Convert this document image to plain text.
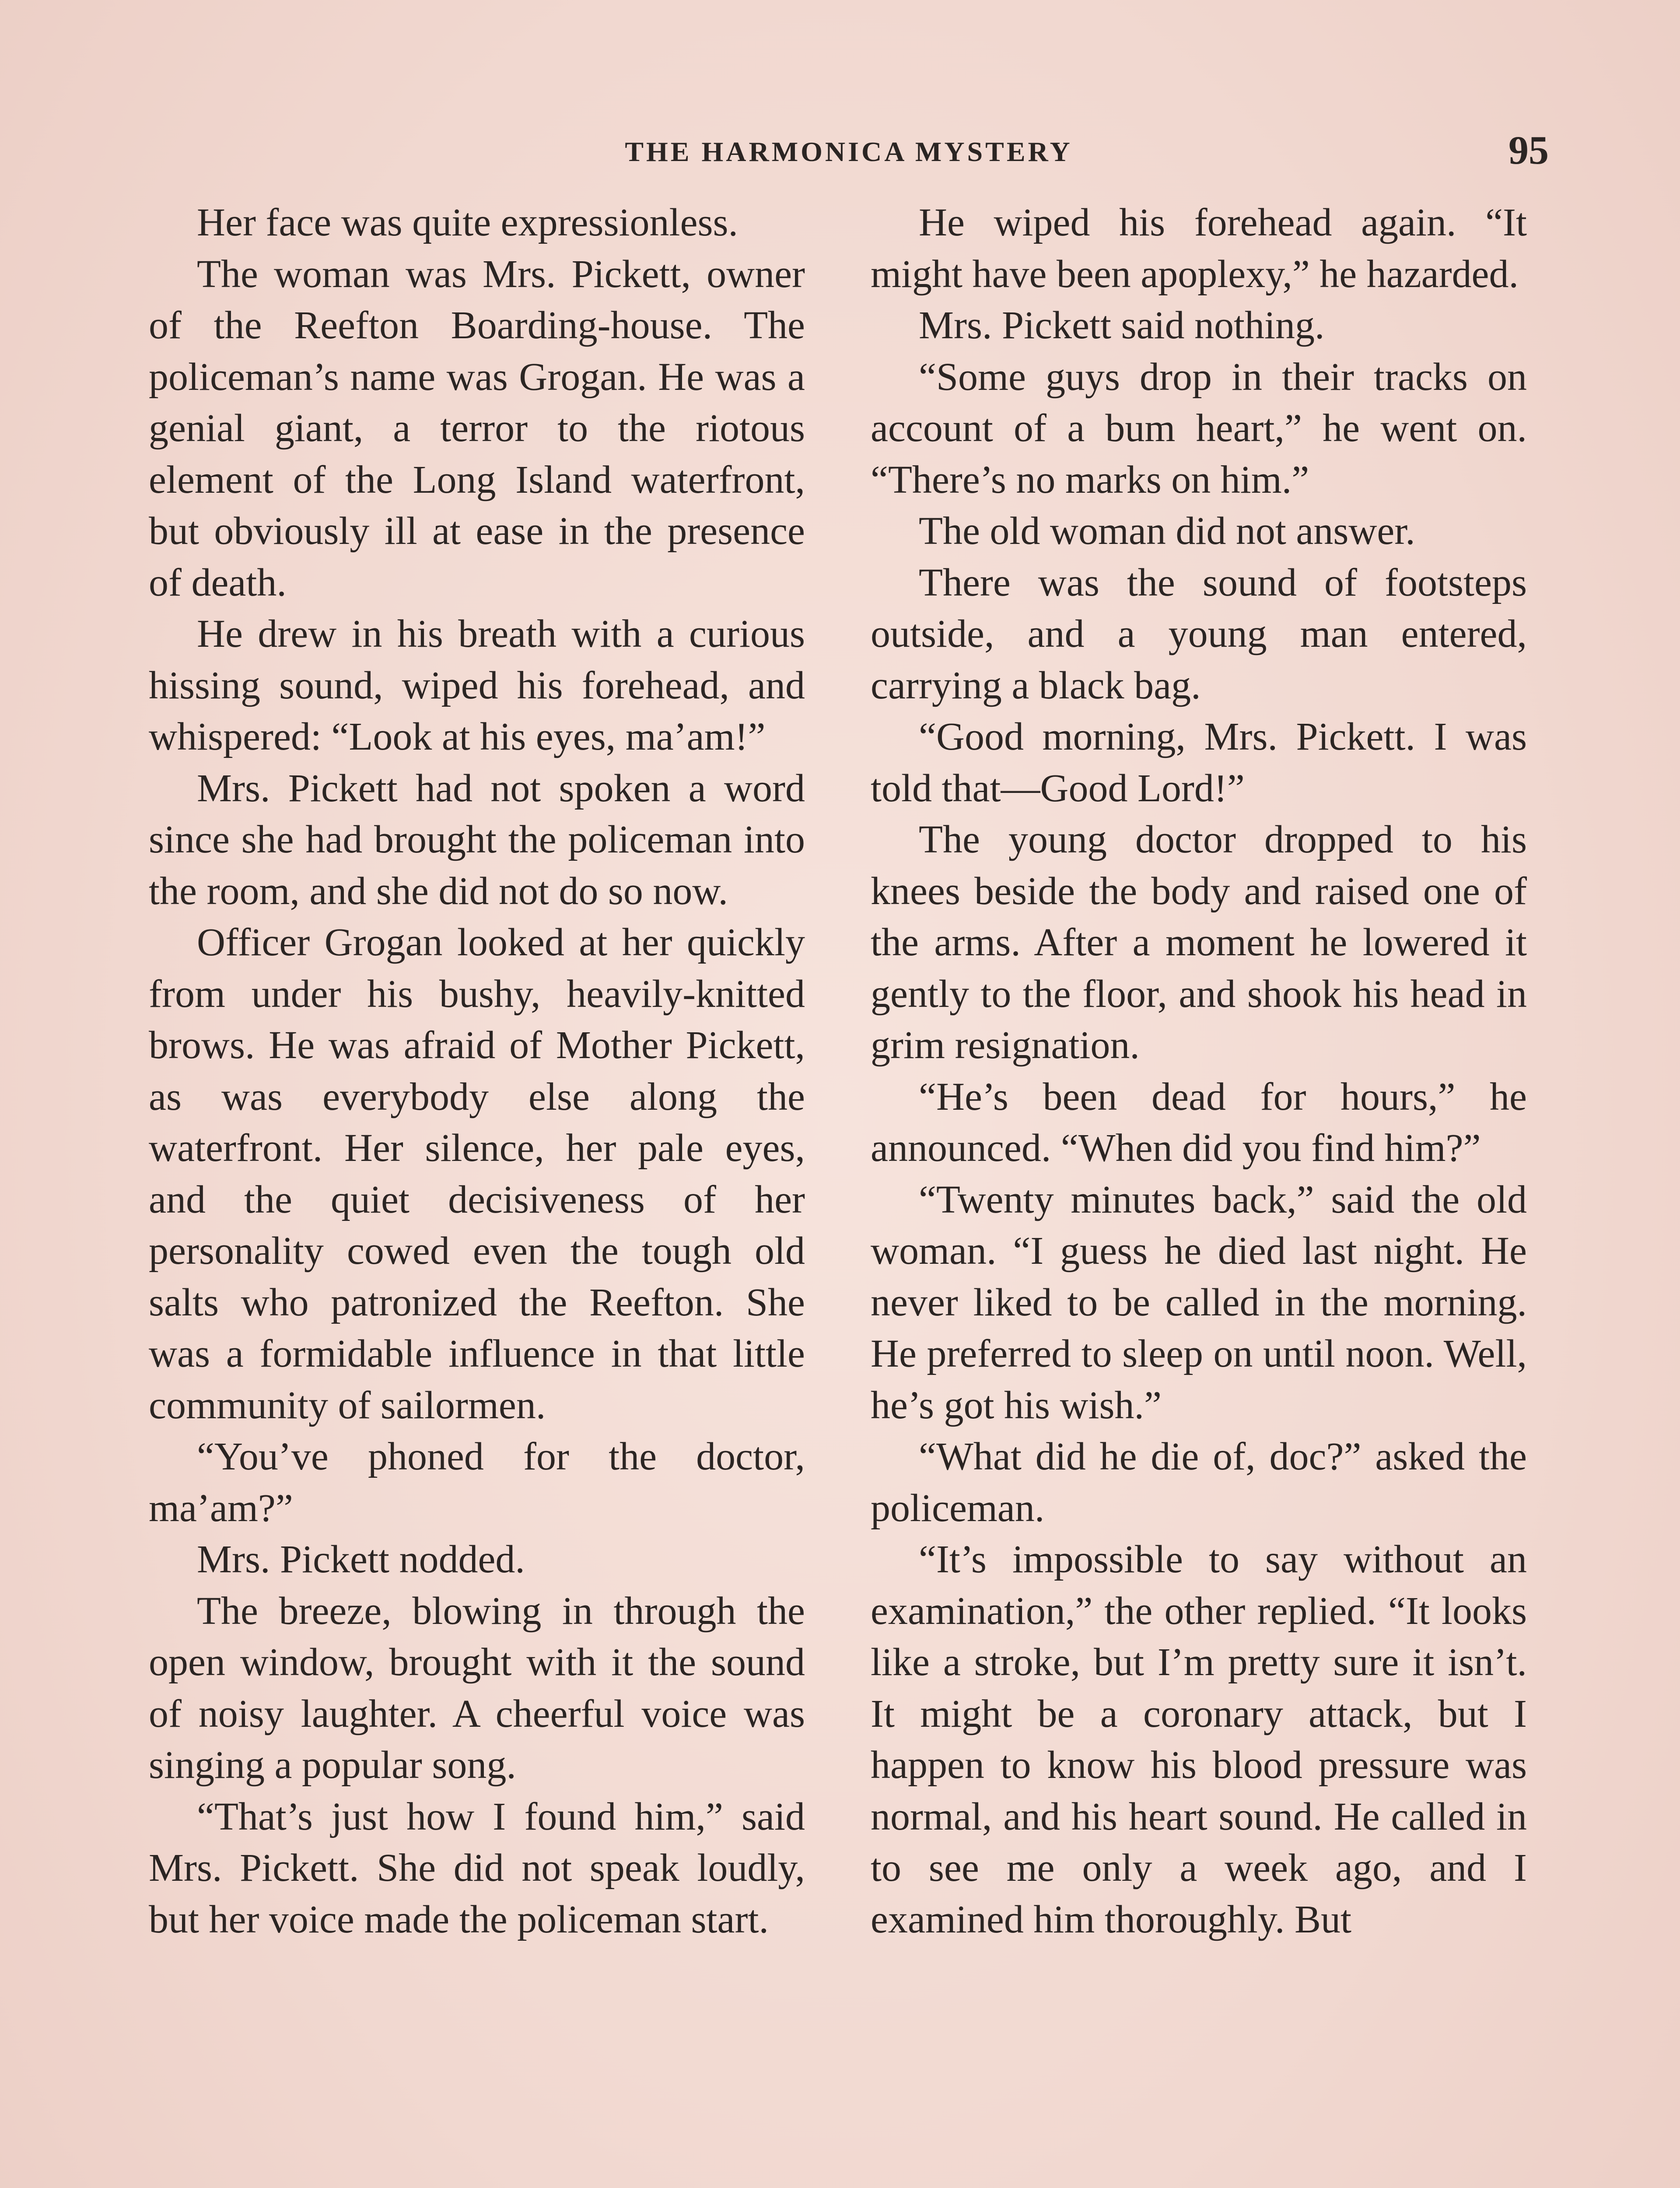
THE HARMONICA MYSTERY	95

Her face was quite expressionless.

The woman was Mrs. Pickett, owner of the Reefton Boarding-house. The policeman’s name was Grogan. He was a genial giant, a terror to the riotous element of the Long Island waterfront, but obviously ill at ease in the presence of death.

He drew in his breath with a curious hissing sound, wiped his forehead, and whispered: “Look at his eyes, ma’am!”

Mrs. Pickett had not spoken a word since she had brought the policeman into the room, and she did not do so now.

Officer Grogan looked at her quickly from under his bushy, heavily-knitted brows. He was afraid of Mother Pickett, as was everybody else along the waterfront. Her silence, her pale eyes, and the quiet decisiveness of her personality cowed even the tough old salts who patronized the Reefton. She was a formidable influence in that little community of sailormen.

“You’ve phoned for the doctor, ma’am?”

Mrs. Pickett nodded.

The breeze, blowing in through the open window, brought with it the sound of noisy laughter. A cheerful voice was singing a popular song.

“That’s just how I found him,” said Mrs. Pickett. She did not speak loudly, but her voice made the policeman start.

He wiped his forehead again. “It might have been apoplexy,” he hazarded.

Mrs. Pickett said nothing.

“Some guys drop in their tracks on account of a bum heart,” he went on. “There’s no marks on him.”

The old woman did not answer.

There was the sound of footsteps outside, and a young man entered, carrying a black bag.

“Good morning, Mrs. Pickett. I was told that—Good Lord!”

The young doctor dropped to his knees beside the body and raised one of the arms. After a moment he lowered it gently to the floor, and shook his head in grim resignation.

“He’s been dead for hours,” he announced. “When did you find him?”

“Twenty minutes back,” said the old woman. “I guess he died last night. He never liked to be called in the morning. He preferred to sleep on until noon. Well, he’s got his wish.”

“What did he die of, doc?” asked the policeman.

“It’s impossible to say without an examination,” the other replied. “It looks like a stroke, but I’m pretty sure it isn’t. It might be a coronary attack, but I happen to know his blood pressure was normal, and his heart sound. He called in to see me only a week ago, and I examined him thoroughly. But
